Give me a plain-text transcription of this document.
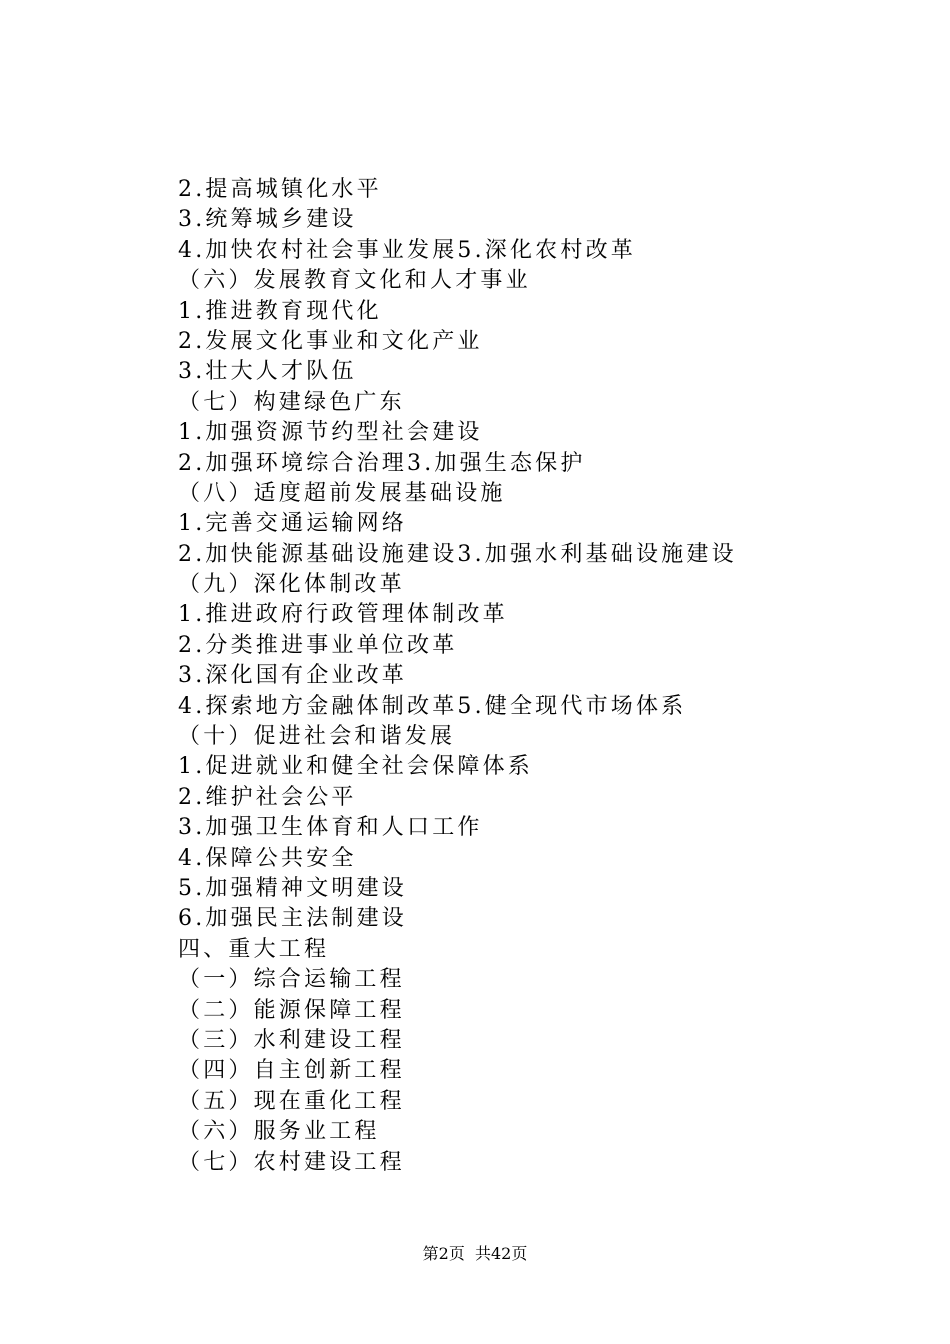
2.提高城镇化水平
3.统筹城乡建设
4.加快农村社会事业发展5.深化农村改革
（六）发展教育文化和人才事业
1.推进教育现代化
2.发展文化事业和文化产业
3.壮大人才队伍
（七）构建绿色广东
1.加强资源节约型社会建设
2.加强环境综合治理3.加强生态保护
（八）适度超前发展基础设施
1.完善交通运输网络
2.加快能源基础设施建设3.加强水利基础设施建设
（九）深化体制改革
1.推进政府行政管理体制改革
2.分类推进事业单位改革
3.深化国有企业改革
4.探索地方金融体制改革5.健全现代市场体系
（十）促进社会和谐发展
1.促进就业和健全社会保障体系
2.维护社会公平
3.加强卫生体育和人口工作
4.保障公共安全
5.加强精神文明建设
6.加强民主法制建设
四、重大工程
（一）综合运输工程
（二）能源保障工程
（三）水利建设工程
（四）自主创新工程
（五）现在重化工程
（六）服务业工程
（七）农村建设工程
第2页  共42页
